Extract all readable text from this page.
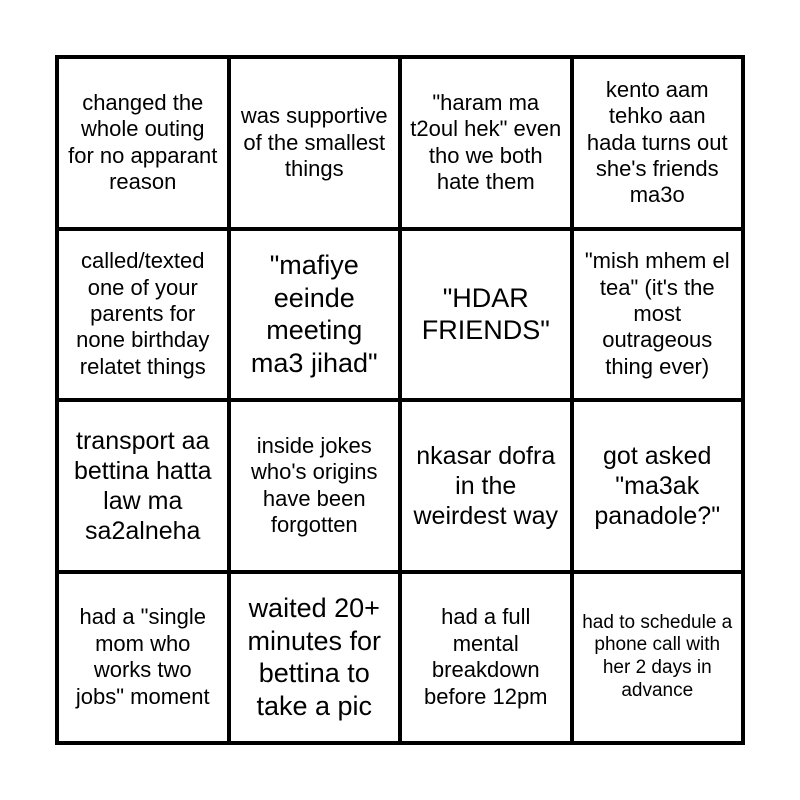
changed the whole outing for no apparant reason
was supportive of the smallest things
"haram ma t2oul hek" even tho we both hate them
kento aam tehko aan hada turns out she's friends ma3o
called/texted one of your parents for none birthday relatet things
"mafiye eeinde meeting ma3 jihad"
"HDAR FRIENDS"
"mish mhem el tea" (it's the most outrageous thing ever)
transport aa bettina hatta law ma sa2alneha
inside jokes who's origins have been forgotten
nkasar dofra in the weirdest way
got asked "ma3ak panadole?"
had a "single mom who works two jobs" moment
waited 20+ minutes for bettina to take a pic
had a full mental breakdown before 12pm
had to schedule a phone call with her 2 days in advance
